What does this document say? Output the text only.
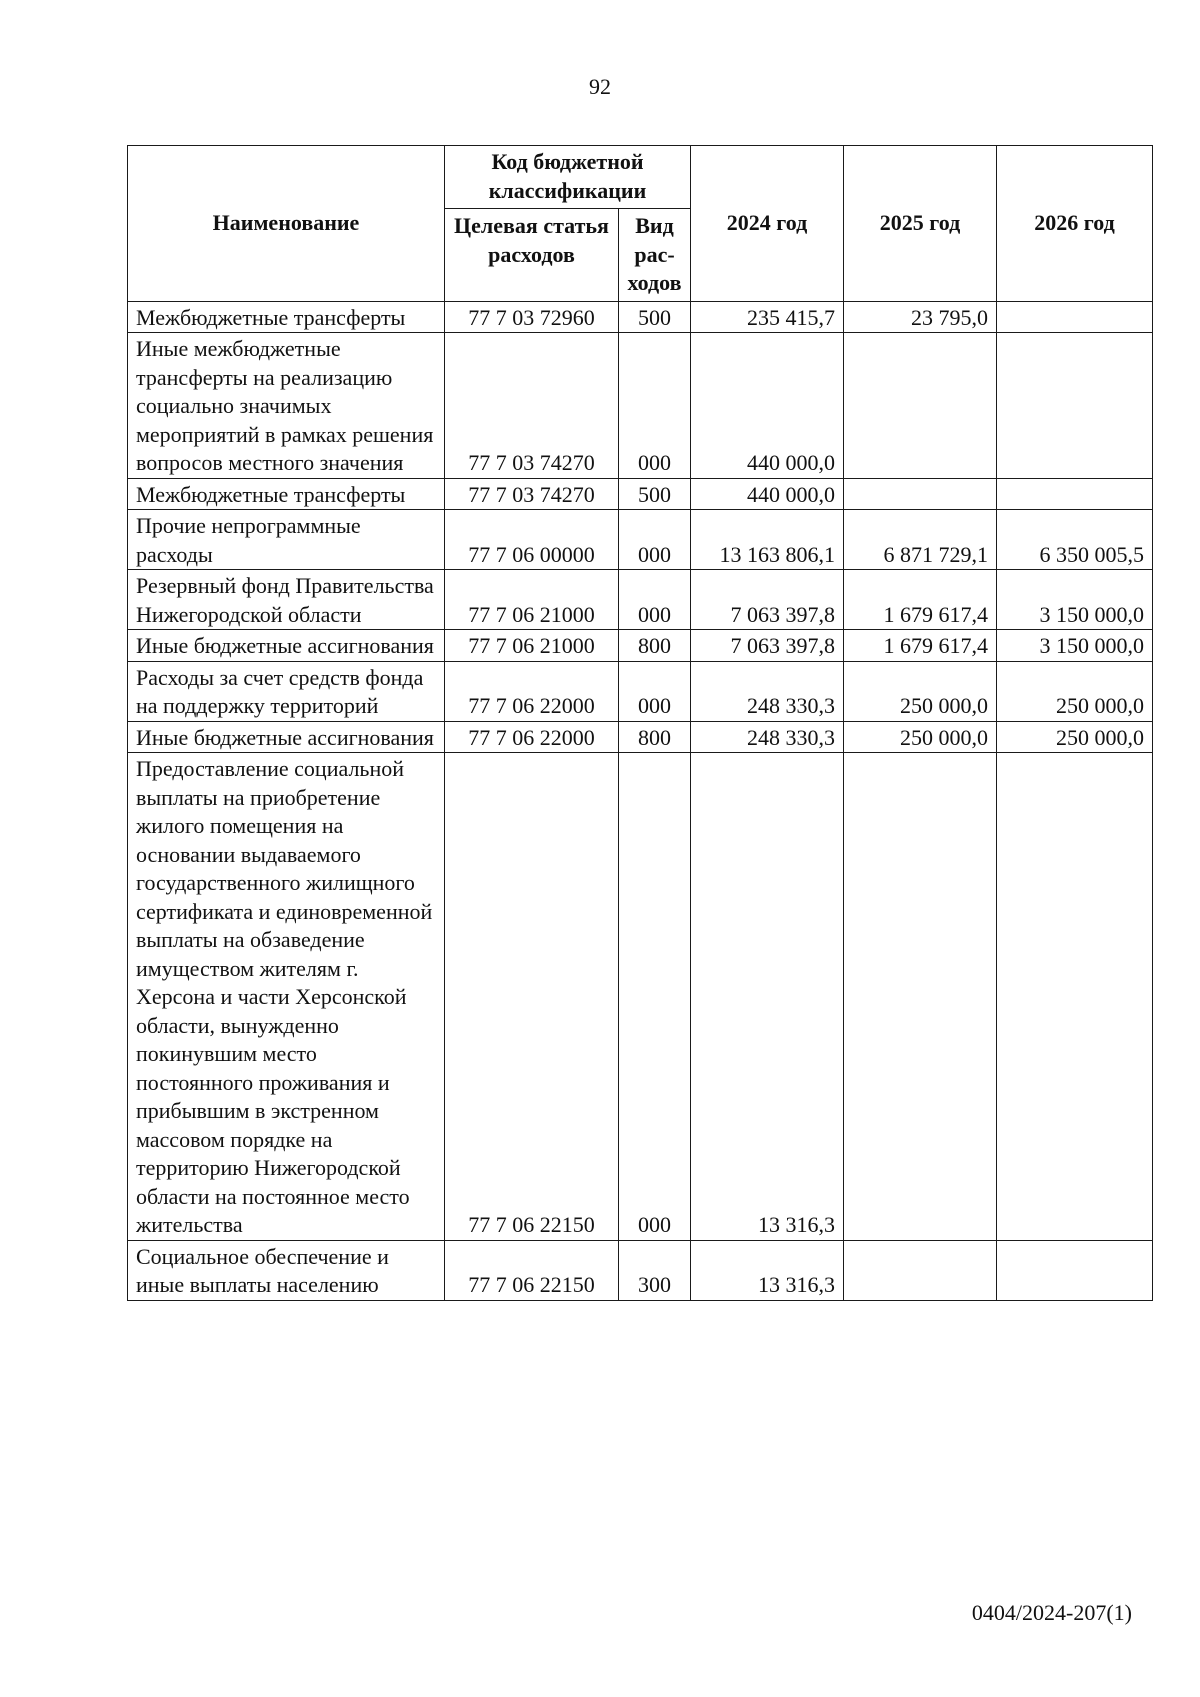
92
Наименование	Код бюджетной классификации		2024 год	2025 год	2026 год
	Целевая статья расходов	Вид рас-ходов			
Межбюджетные трансферты	77 7 03 72960	500	235 415,7	23 795,0	
Иные межбюджетные трансферты на реализацию социально значимых мероприятий в рамках решения вопросов местного значения	77 7 03 74270	000	440 000,0		
Межбюджетные трансферты	77 7 03 74270	500	440 000,0		
Прочие непрограммные расходы	77 7 06 00000	000	13 163 806,1	6 871 729,1	6 350 005,5
Резервный фонд Правительства Нижегородской области	77 7 06 21000	000	7 063 397,8	1 679 617,4	3 150 000,0
Иные бюджетные ассигнования	77 7 06 21000	800	7 063 397,8	1 679 617,4	3 150 000,0
Расходы за счет средств фонда на поддержку территорий	77 7 06 22000	000	248 330,3	250 000,0	250 000,0
Иные бюджетные ассигнования	77 7 06 22000	800	248 330,3	250 000,0	250 000,0
Предоставление социальной выплаты на приобретение жилого помещения на основании выдаваемого государственного жилищного сертификата и единовременной выплаты на обзаведение имуществом жителям г. Херсона и части Херсонской области, вынужденно покинувшим место постоянного проживания и прибывшим в экстренном массовом порядке на территорию Нижегородской области на постоянное место жительства	77 7 06 22150	000	13 316,3		
Социальное обеспечение и иные выплаты населению	77 7 06 22150	300	13 316,3		
0404/2024-207(1)
